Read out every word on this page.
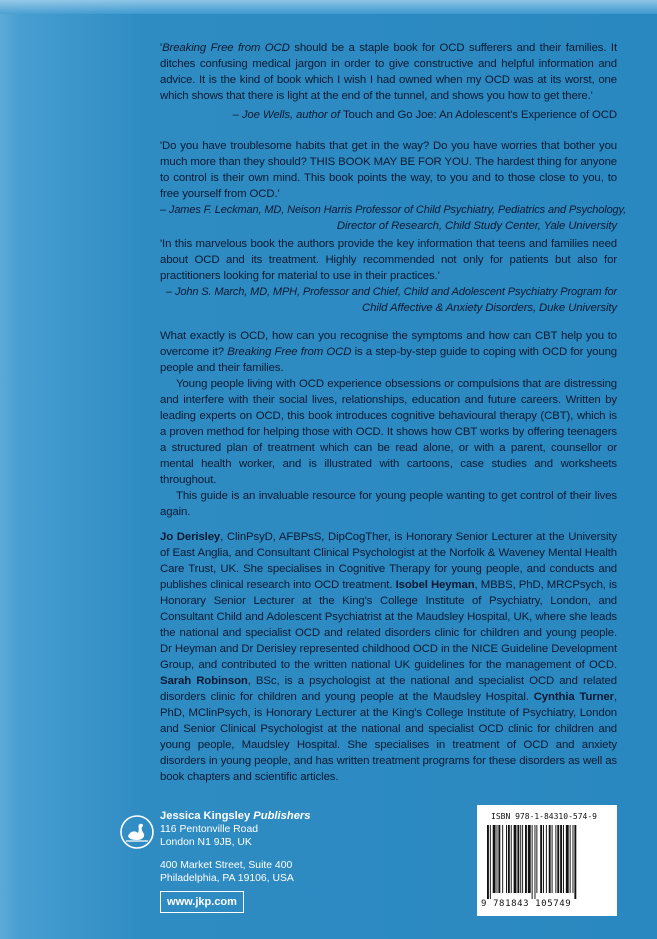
'Breaking Free from OCD should be a staple book for OCD sufferers and their families. It ditches confusing medical jargon in order to give constructive and helpful information and advice. It is the kind of book which I wish I had owned when my OCD was at its worst, one which shows that there is light at the end of the tunnel, and shows you how to get there.'

– Joe Wells, author of Touch and Go Joe: An Adolescent's Experience of OCD

'Do you have troublesome habits that get in the way? Do you have worries that bother you much more than they should? THIS BOOK MAY BE FOR YOU. The hardest thing for anyone to control is their own mind. This book points the way, to you and to those close to you, to free yourself from OCD.'

– James F. Leckman, MD, Neison Harris Professor of Child Psychiatry, Pediatrics and Psychology,

Director of Research, Child Study Center, Yale University

'In this marvelous book the authors provide the key information that teens and families need about OCD and its treatment. Highly recommended not only for patients but also for practitioners looking for material to use in their practices.'

– John S. March, MD, MPH, Professor and Chief, Child and Adolescent Psychiatry Program for

Child Affective & Anxiety Disorders, Duke University

What exactly is OCD, how can you recognise the symptoms and how can CBT help you to overcome it? Breaking Free from OCD is a step-by-step guide to coping with OCD for young people and their families.

Young people living with OCD experience obsessions or compulsions that are distressing and interfere with their social lives, relationships, education and future careers. Written by leading experts on OCD, this book introduces cognitive behavioural therapy (CBT), which is a proven method for helping those with OCD. It shows how CBT works by offering teenagers a structured plan of treatment which can be read alone, or with a parent, counsellor or mental health worker, and is illustrated with cartoons, case studies and worksheets throughout.

This guide is an invaluable resource for young people wanting to get control of their lives again.

Jo Derisley, ClinPsyD, AFBPsS, DipCogTher, is Honorary Senior Lecturer at the University of East Anglia, and Consultant Clinical Psychologist at the Norfolk & Waveney Mental Health Care Trust, UK. She specialises in Cognitive Therapy for young people, and conducts and publishes clinical research into OCD treatment. Isobel Heyman, MBBS, PhD, MRCPsych, is Honorary Senior Lecturer at the King's College Institute of Psychiatry, London, and Consultant Child and Adolescent Psychiatrist at the Maudsley Hospital, UK, where she leads the national and specialist OCD and related disorders clinic for children and young people. Dr Heyman and Dr Derisley represented childhood OCD in the NICE Guideline Development Group, and contributed to the written national UK guidelines for the management of OCD. Sarah Robinson, BSc, is a psychologist at the national and specialist OCD and related disorders clinic for children and young people at the Maudsley Hospital. Cynthia Turner, PhD, MClinPsych, is Honorary Lecturer at the King's College Institute of Psychiatry, London and Senior Clinical Psychologist at the national and specialist OCD clinic for children and young people, Maudsley Hospital. She specialises in treatment of OCD and anxiety disorders in young people, and has written treatment programs for these disorders as well as book chapters and scientific articles.

Jessica Kingsley Publishers
116 Pentonville Road
London N1 9JB, UK
400 Market Street, Suite 400
Philadelphia, PA 19106, USA
www.jkp.com
ISBN 978-1-84310-574-9
9 781843 105749
